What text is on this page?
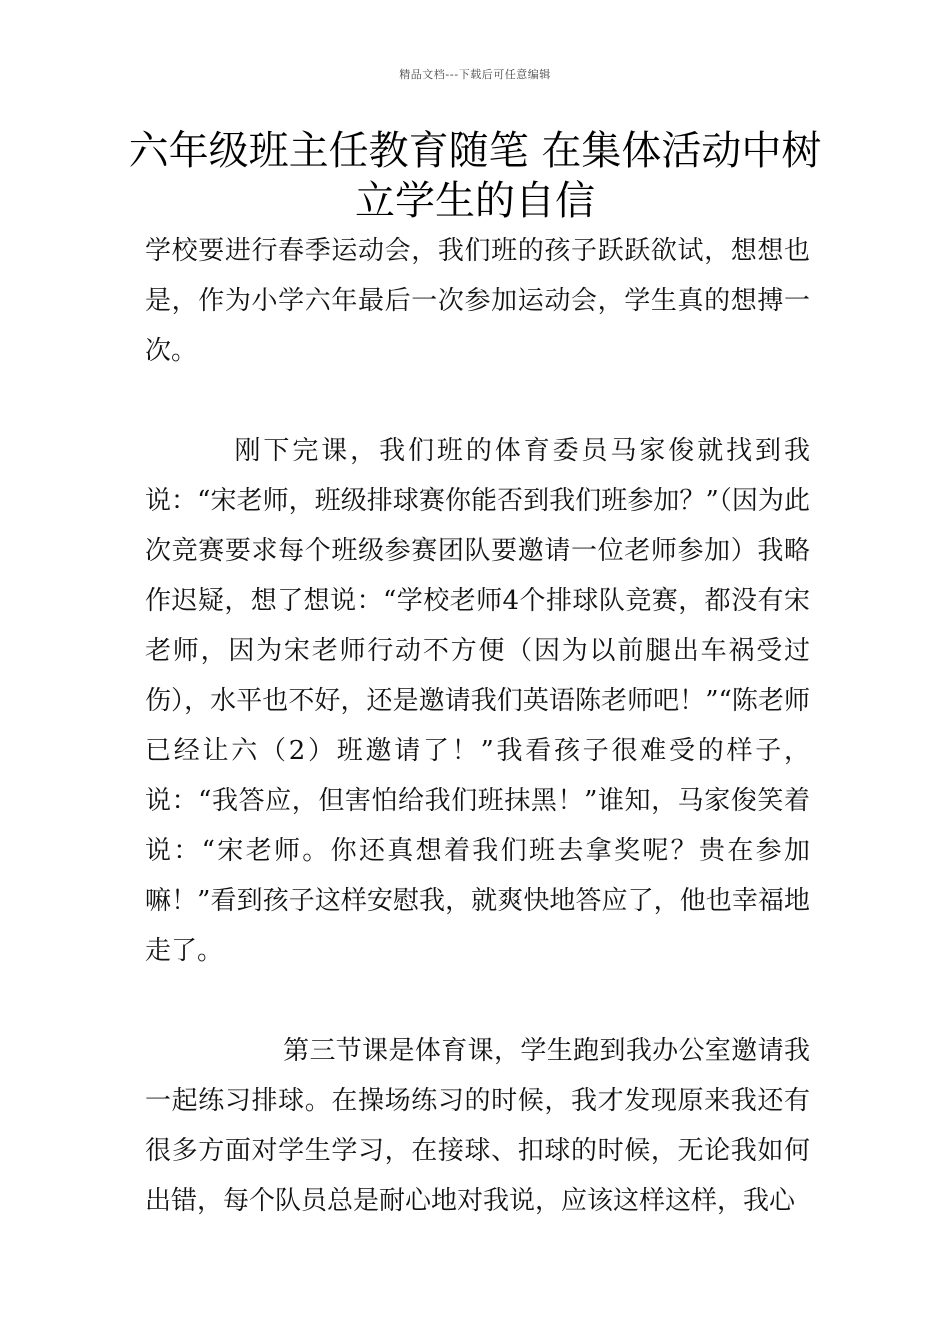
精品文档---下载后可任意编辑
六年级班主任教育随笔 在集体活动中树立学生的自信

学校要进行春季运动会，我们班的孩子跃跃欲试，想想也是，作为小学六年最后一次参加运动会，学生真的想搏一次。

刚下完课，我们班的体育委员马家俊就找到我说：“宋老师，班级排球赛你能否到我们班参加？”（因为此次竞赛要求每个班级参赛团队要邀请一位老师参加）我略作迟疑，想了想说：“学校老师4个排球队竞赛，都没有宋老师，因为宋老师行动不方便（因为以前腿出车祸受过伤），水平也不好，还是邀请我们英语陈老师吧！”“陈老师已经让六（2）班邀请了！”我看孩子很难受的样子，说：“我答应，但害怕给我们班抹黑！”谁知，马家俊笑着说：“宋老师。你还真想着我们班去拿奖呢？贵在参加嘛！”看到孩子这样安慰我，就爽快地答应了，他也幸福地走了。

第三节课是体育课，学生跑到我办公室邀请我一起练习排球。在操场练习的时候，我才发现原来我还有很多方面对学生学习，在接球、扣球的时候，无论我如何出错，每个队员总是耐心地对我说，应该这样这样，我心
